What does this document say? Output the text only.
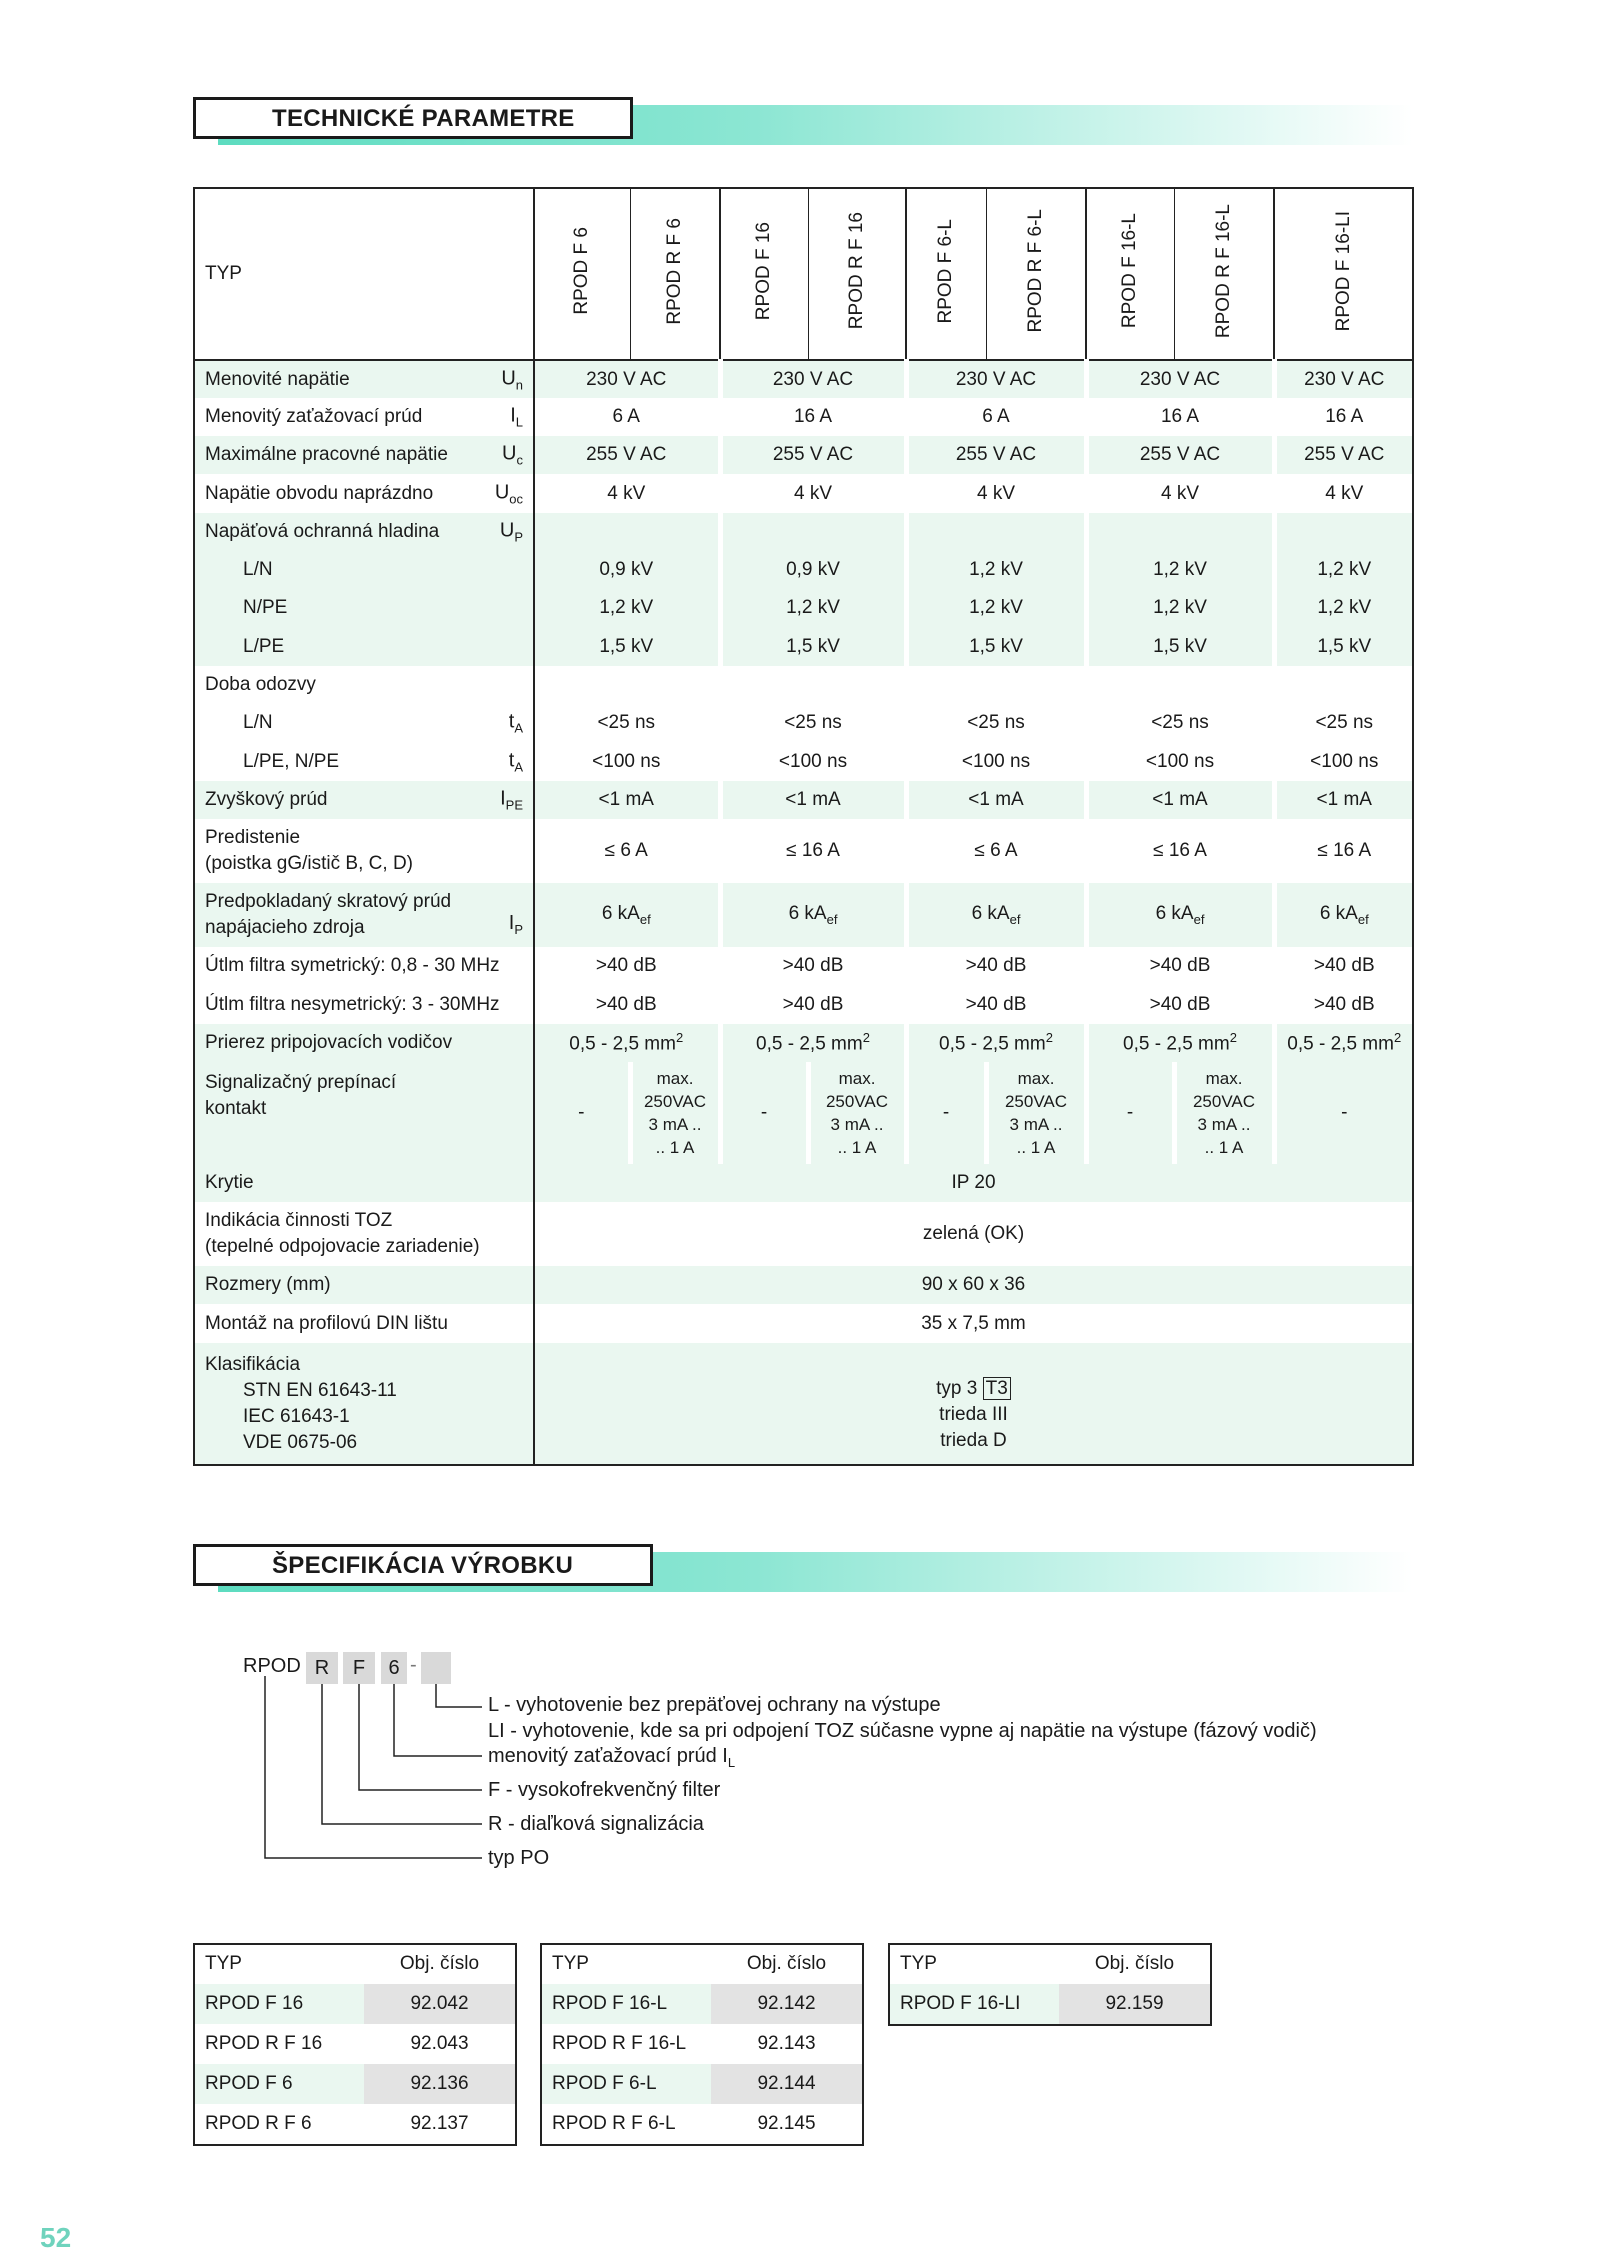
TECHNICKÉ PARAMETRE
TYP	RPOD F 6	RPOD R F 6	RPOD F 16	RPOD R F 16	RPOD F 6-L	RPOD R F 6-L	RPOD F 16-L	RPOD R F 16-L	RPOD F 16-LI
Menovité napätie $U_n$	230 V AC		230 V AC		230 V AC		230 V AC		230 V AC
Menovitý zaťažovací prúd $I_L$	6 A		16 A		6 A		16 A		16 A
Maximálne pracovné napätie $U_c$	255 V AC		255 V AC		255 V AC		255 V AC		255 V AC
Napätie obvodu naprázdno $U_{oc}$	4 kV		4 kV		4 kV		4 kV		4 kV
Napäťová ochranná hladina $U_P$

L/N	0,9 kV		0,9 kV		1,2 kV		1,2 kV		1,2 kV
N/PE	1,2 kV		1,2 kV		1,2 kV		1,2 kV		1,2 kV
L/PE	1,5 kV		1,5 kV		1,5 kV		1,5 kV		1,5 kV
Doba odozvy									
L/N $t_A$	<25 ns		<25 ns		<25 ns		<25 ns		<25 ns
L/PE, N/PE $t_A$	<100 ns		<100 ns		<100 ns		<100 ns		<100 ns
Zvyškový prúd $I_{PE}$	<1 mA		<1 mA		<1 mA		<1 mA		<1 mA
Predistenie
(poistka gG/istič B, C, D)	≤ 6 A		≤ 16 A		≤ 6 A		≤ 16 A		≤ 16 A
Predpokladaný skratový prúd
napájacieho zdroja $I_P$	6 $kA_{ef}$		6 $kA_{ef}$		6 $kA_{ef}$		6 $kA_{ef}$		6 $kA_{ef}$
Útlm filtra symetrický: 0,8 - 30 MHz	>40 dB		>40 dB		>40 dB		>40 dB		>40 dB
Útlm filtra nesymetrický: 3 - 30MHz	>40 dB		>40 dB		>40 dB		>40 dB		>40 dB
Prierez pripojovacích vodičov	0,5 - 2,5 $mm^2$		0,5 - 2,5 $mm^2$		0,5 - 2,5 $mm^2$		0,5 - 2,5 $mm^2$		0,5 - 2,5 $mm^2$
Signalizačný prepínací
kontakt	-	max.
250VAC
3 mA ..
.. 1 A	-	max.
250VAC
3 mA ..
.. 1 A	-	max.
250VAC
3 mA ..
.. 1 A	-	max.
250VAC
3 mA ..
.. 1 A	-
Krytie	IP 20								
Indikácia činnosti TOZ
(tepelné odpojovacie zariadenie)	zelená (OK)								
Rozmery (mm)	90 x 60 x 36								
Montáž na profilovú DIN lištu	35 x 7,5 mm								
Klasifikácia
STN EN 61643-11
IEC 61643-1
VDE 0675-06	typ 3 T3
trieda III
trieda D								
ŠPECIFIKÁCIA VÝROBKU
RPOD R	F	6 -
L - vyhotovenie bez prepäťovej ochrany na výstupe
LI - vyhotovenie, kde sa pri odpojení TOZ súčasne vypne aj napätie na výstupe (fázový vodič)
menovitý zaťažovací prúd $I_L$
F - vysokofrekvenčný filter
R - diaľková signalizácia
typ PO
TYP	Obj. číslo
RPOD F 16	92.042
RPOD R F 16	92.043
RPOD F 6	92.136
RPOD R F 6	92.137
TYP	Obj. číslo
RPOD F 16-L	92.142
RPOD R F 16-L	92.143
RPOD F 6-L	92.144
RPOD R F 6-L	92.145
TYP	Obj. číslo
RPOD F 16-LI	92.159
52
